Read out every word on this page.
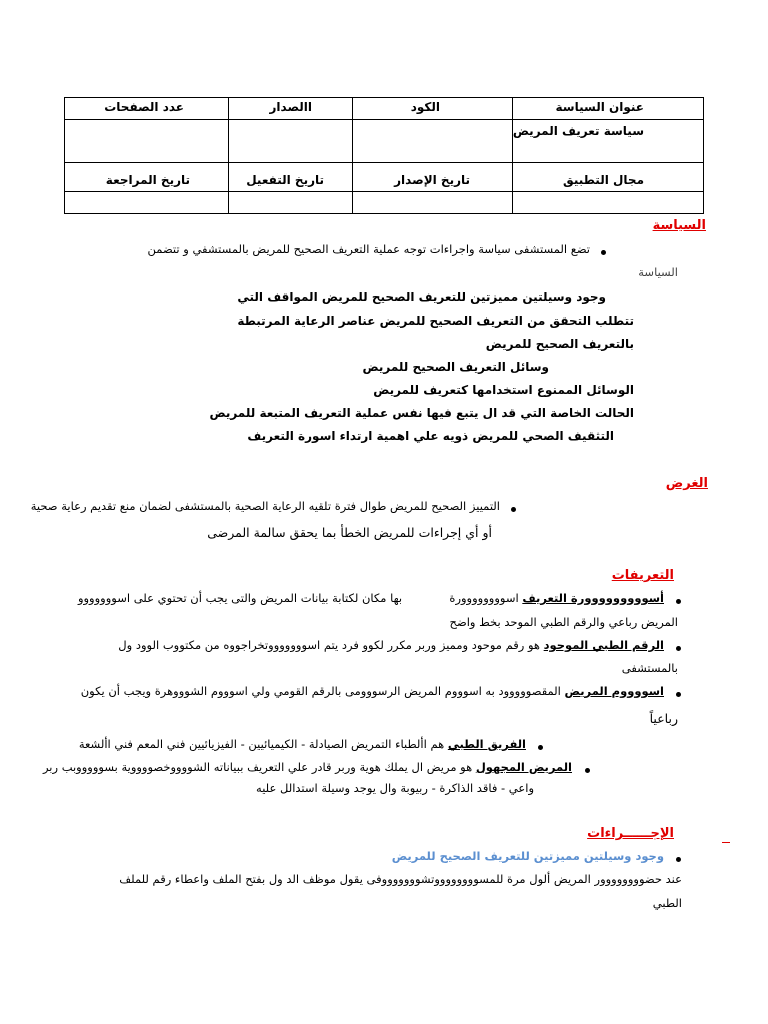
عنوان السياسة
الكود
االصدار
عدد الصفحات
سياسة تعريف المريض
مجال التطبيق
تاريخ الإصدار
تاريخ التفعيل
تاريخ المراجعة
السياسة
تضع المستشفى سياسة واجراءات توجه عملية التعريف الصحيح للمريض بالمستشفي و تتضمن
السياسة
وجود وسيلتين مميزتين للتعريف الصحيح للمريض المواقف التي
تتطلب التحقق من التعريف الصحيح للمريض عناصر الرعاية المرتبطة
بالتعريف الصحيح للمريض
وسائل التعريف الصحيح للمريض
الوسائل الممنوع استخدامها كتعريف للمريض
الحالت الخاصة التي قد ال يتبع فيها نفس عملية التعريف المتبعة للمريض
التثقيف الصحي للمريض ذويه علي اهمية ارتداء اسورة التعريف
الغرض
التمييز الصحيح للمريض طوال فترة تلقيه الرعاية الصحية بالمستشفى لضمان منع تقديم رعاية صحية
أو أي إجراءات للمريض الخطأ بما يحقق سالمة المرضى
التعريفات
أسووووووووورة التعريف اسوووووووورة  بها مكان لكتابة بيانات المريض والتى يجب أن تحتوي على اسووووووو
المريض رباعي والرقم الطبي الموحد بخط واضح
الرقم الطبي الموحود هو رقم موحود ومميز وربر مكرر لكوو فرد يتم اسوووووووتخراجووه من مكتووب الوود ول
بالمستشفى
اسووووم المريض المقصووووود به اسوووم المريض الرسووومى بالرقم القومي ولي اسوووم الشوووهرة ويجب أن يكون
رباعياً
الفريق الطبي هم األطباء التمريض الصيادلة - الكيميائيين - الفيزيائيين فني المعم فني األشعة
المريض المجهول هو مريض ال يملك هوية وربر قادر علي التعريف ببياناته الشووووخصووووية بسوووووبب ربر
واعي - فاقد الذاكرة - ربيوبة وال يوجد وسيلة استدالل عليه
الإجــــــراءات
وجود وسيلتين مميزتين للتعريف الصحيح للمريض
عند حضوووووووور المريض ألول مرة للمسووووووووتشوووووووفى يقول موظف الد ول بفتح الملف واعطاء رقم للملف
الطبي
